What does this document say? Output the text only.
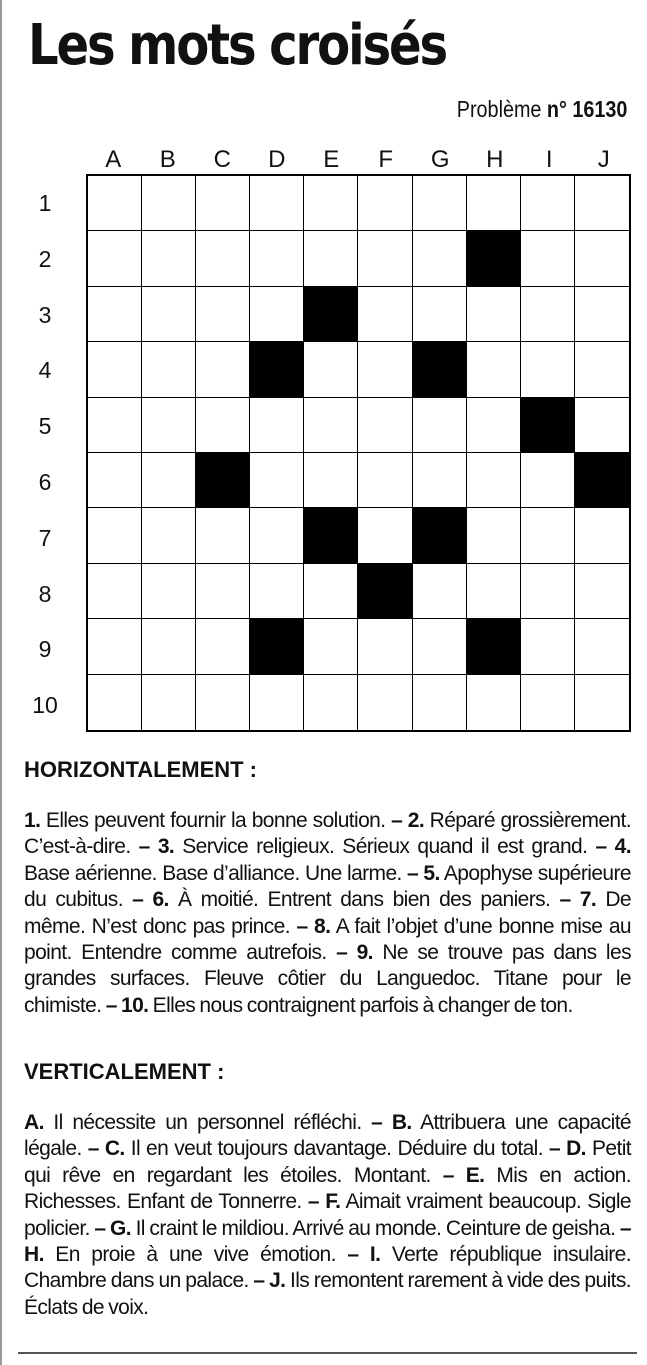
Les mots croisés
Problème n° 16130
A	B	C	D	E	F	G	H	I	J
1
2
3
4
5
6
7
8
9
10
HORIZONTALEMENT :
1. Elles peuvent fournir la bonne solution. – 2. Réparé grossièrement. C’est-à-dire. – 3. Service religieux. Sérieux quand il est grand. – 4. Base aérienne. Base d’alliance. Une larme. – 5. Apophyse supérieure du cubitus. – 6. À moitié. Entrent dans bien des paniers. – 7. De même. N’est donc pas prince. – 8. A fait l’objet d’une bonne mise au point. Entendre comme autrefois. – 9. Ne se trouve pas dans les grandes surfaces. Fleuve côtier du Languedoc. Titane pour le chimiste. – 10. Elles nous contraignent parfois à changer de ton.
VERTICALEMENT :
A. Il nécessite un personnel réfléchi. – B. Attribuera une capacité légale. – C. Il en veut toujours davantage. Déduire du total. – D. Petit qui rêve en regardant les étoiles. Montant. – E. Mis en action. Richesses. Enfant de Tonnerre. – F. Aimait vraiment beaucoup. Sigle policier. – G. Il craint le mildiou. Arrivé au monde. Ceinture de geisha. – H. En proie à une vive émotion. – I. Verte république insulaire. Chambre dans un palace. – J. Ils remontent rarement à vide des puits. Éclats de voix.
